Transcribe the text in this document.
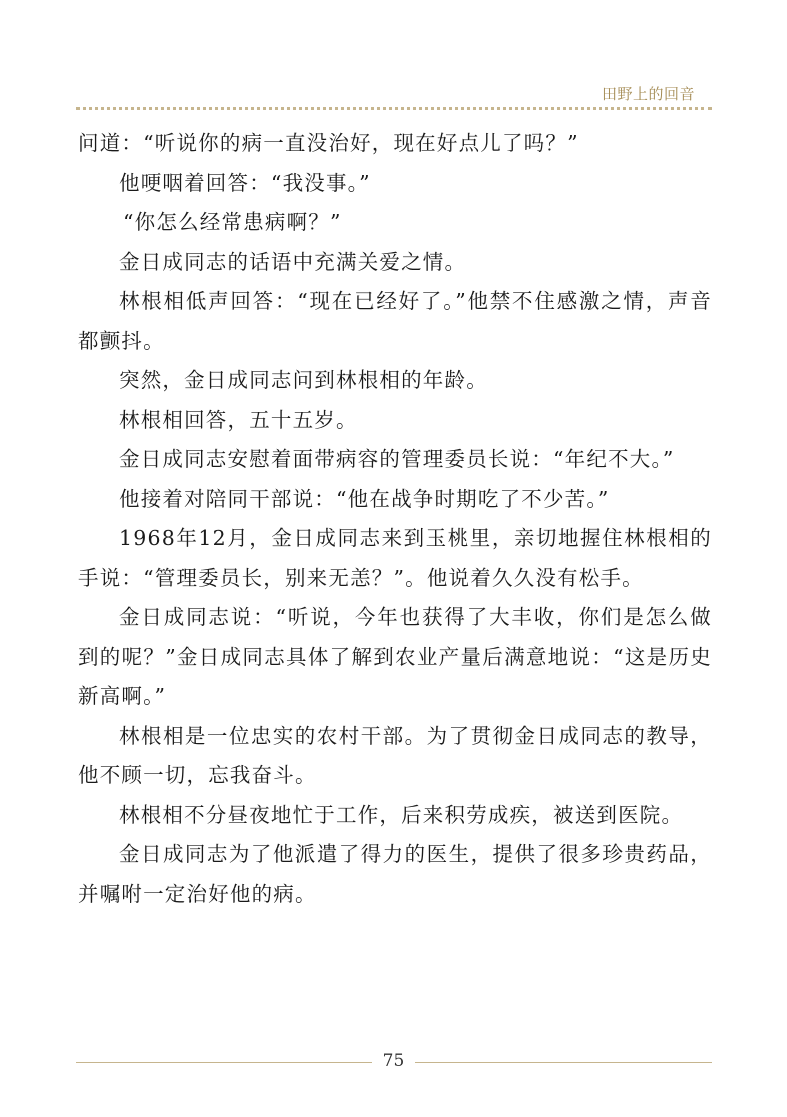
田野上的回音

问道：“听说你的病一直没治好，现在好点儿了吗？”

他哽咽着回答：“我没事。”

“你怎么经常患病啊？”

金日成同志的话语中充满关爱之情。

林根相低声回答：“现在已经好了。”他禁不住感激之情，声音都颤抖。

突然，金日成同志问到林根相的年龄。

林根相回答，五十五岁。

金日成同志安慰着面带病容的管理委员长说：“年纪不大。”

他接着对陪同干部说：“他在战争时期吃了不少苦。”

1968年12月，金日成同志来到玉桃里，亲切地握住林根相的手说：“管理委员长，别来无恙？”。他说着久久没有松手。

金日成同志说：“听说，今年也获得了大丰收，你们是怎么做到的呢？”金日成同志具体了解到农业产量后满意地说：“这是历史新高啊。”

林根相是一位忠实的农村干部。为了贯彻金日成同志的教导，他不顾一切，忘我奋斗。

林根相不分昼夜地忙于工作，后来积劳成疾，被送到医院。

金日成同志为了他派遣了得力的医生，提供了很多珍贵药品，并嘱咐一定治好他的病。

75
